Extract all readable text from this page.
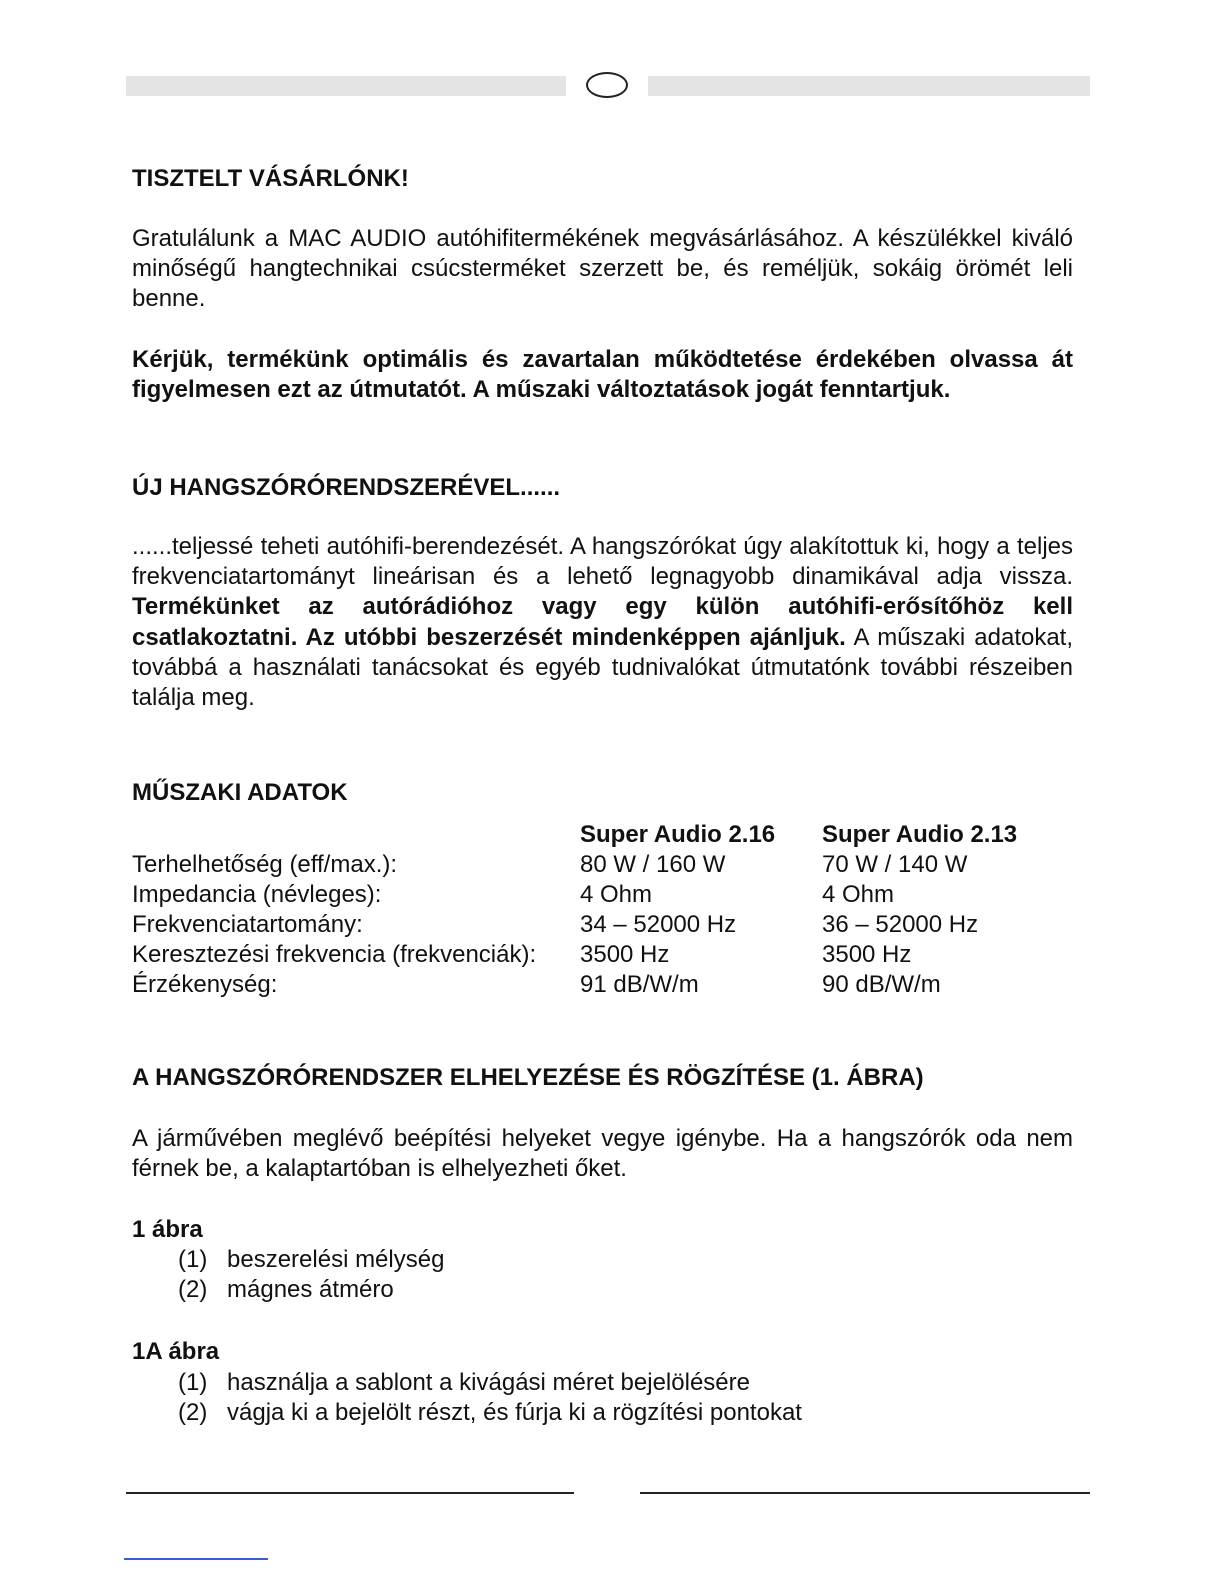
TISZTELT VÁSÁRLÓNK!

Gratulálunk a MAC AUDIO autóhifitermékének megvásárlásához. A készülékkel kiváló minőségű hangtechnikai csúcsterméket szerzett be, és reméljük, sokáig örömét leli benne.

Kérjük, termékünk optimális és zavartalan működtetése érdekében olvassa át figyelmesen ezt az útmutatót. A műszaki változtatások jogát fenntartjuk.

ÚJ HANGSZÓRÓRENDSZERÉVEL......

......teljessé teheti autóhifi-berendezését. A hangszórókat úgy alakítottuk ki, hogy a teljes frekvenciatartományt lineárisan és a lehető legnagyobb dinamikával adja vissza. Termékünket az autórádióhoz vagy egy külön autóhifi-erősítőhöz kell csatlakoztatni. Az utóbbi beszerzését mindenképpen ajánljuk. A műszaki adatokat, továbbá a használati tanácsokat és egyéb tudnivalókat útmutatónk további részeiben találja meg.

MŰSZAKI ADATOK
Super Audio 2.16 Super Audio 2.13
Terhelhetőség (eff/max.):	80 W / 160 W	70 W / 140 W
Impedancia (névleges):	4 Ohm	4 Ohm
Frekvenciatartomány:	34 – 52000 Hz	36 – 52000 Hz
Keresztezési frekvencia (frekvenciák): 3500 Hz	3500 Hz
Érzékenység:	91 dB/W/m	90 dB/W/m
A HANGSZÓRÓRENDSZER ELHELYEZÉSE ÉS RÖGZÍTÉSE (1. ÁBRA)

A járművében meglévő beépítési helyeket vegye igénybe. Ha a hangszórók oda nem férnek be, a kalaptartóban is elhelyezheti őket.

1 ábra
(1) beszerelési mélység
(2) mágnes átméro
1A ábra
(1) használja a sablont a kivágási méret bejelölésére
(2) vágja ki a bejelölt részt, és fúrja ki a rögzítési pontokat
